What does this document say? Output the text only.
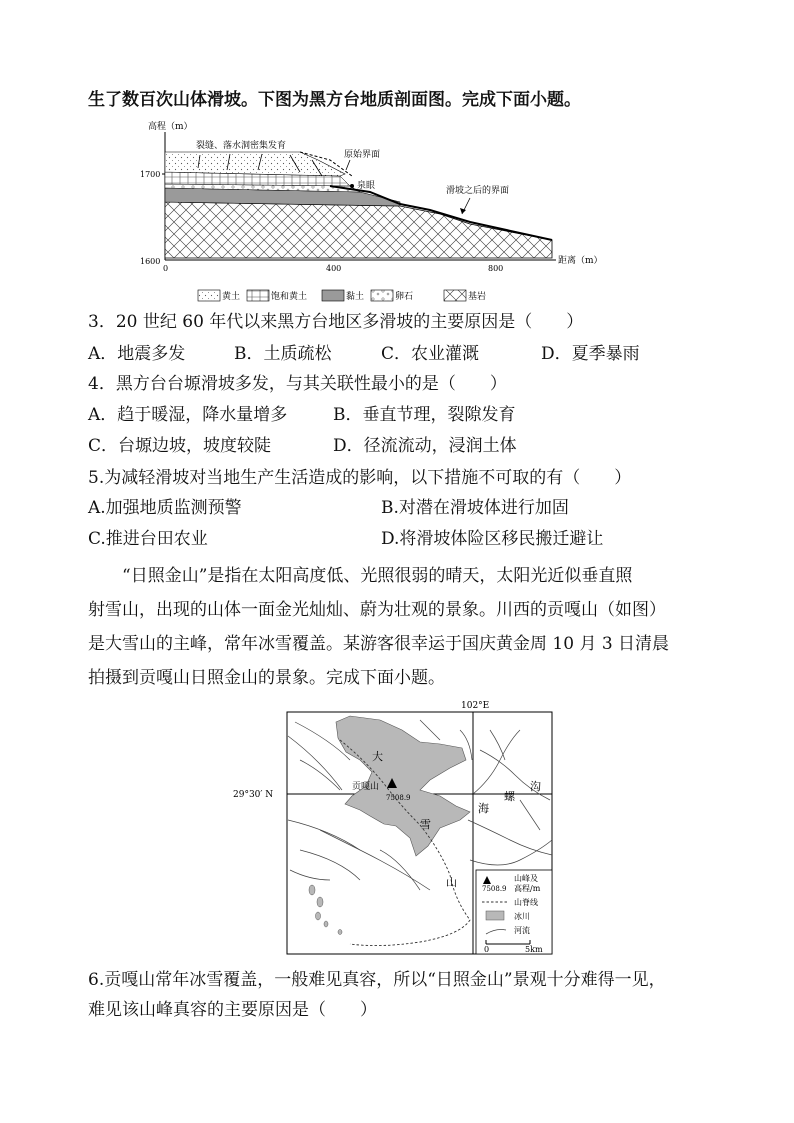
生了数百次山体滑坡。下图为黑方台地质剖面图。完成下面小题。
高程（m）
1700
1600
0	400	800
距离（m）
裂缝、落水洞密集发育
原始界面
泉眼	滑坡之后的界面
黄土	饱和黄土	黏土	卵石	基岩
3．20 世纪 60 年代以来黑方台地区多滑坡的主要原因是（　　）
A．地震多发	B．土质疏松	C．农业灌溉	D．夏季暴雨
4．黑方台台塬滑坡多发，与其关联性最小的是（　　）
A．趋于暖湿，降水量增多	B．垂直节理，裂隙发育
C．台塬边坡，坡度较陡	D．径流流动，浸润土体
5.为减轻滑坡对当地生产生活造成的影响，以下措施不可取的有（　　）
A.加强地质监测预警	B.对潜在滑坡体进行加固
C.推进台田农业	D.将滑坡体险区移民搬迁避让
“日照金山”是指在太阳高度低、光照很弱的晴天，太阳光近似垂直照
射雪山，出现的山体一面金光灿灿、蔚为壮观的景象。川西的贡嘎山（如图）
是大雪山的主峰，常年冰雪覆盖。某游客很幸运于国庆黄金周 10 月 3 日清晨
拍摄到贡嘎山日照金山的景象。完成下面小题。
102°E
29°30′ N
贡嘎山
7508.9
大
雪
山
海
螺
沟
山峰及
7508.9 高程/m
山脊线
冰川
河流
0	5km
6.贡嘎山常年冰雪覆盖，一般难见真容，所以“日照金山”景观十分难得一见，
难见该山峰真容的主要原因是（　　）
